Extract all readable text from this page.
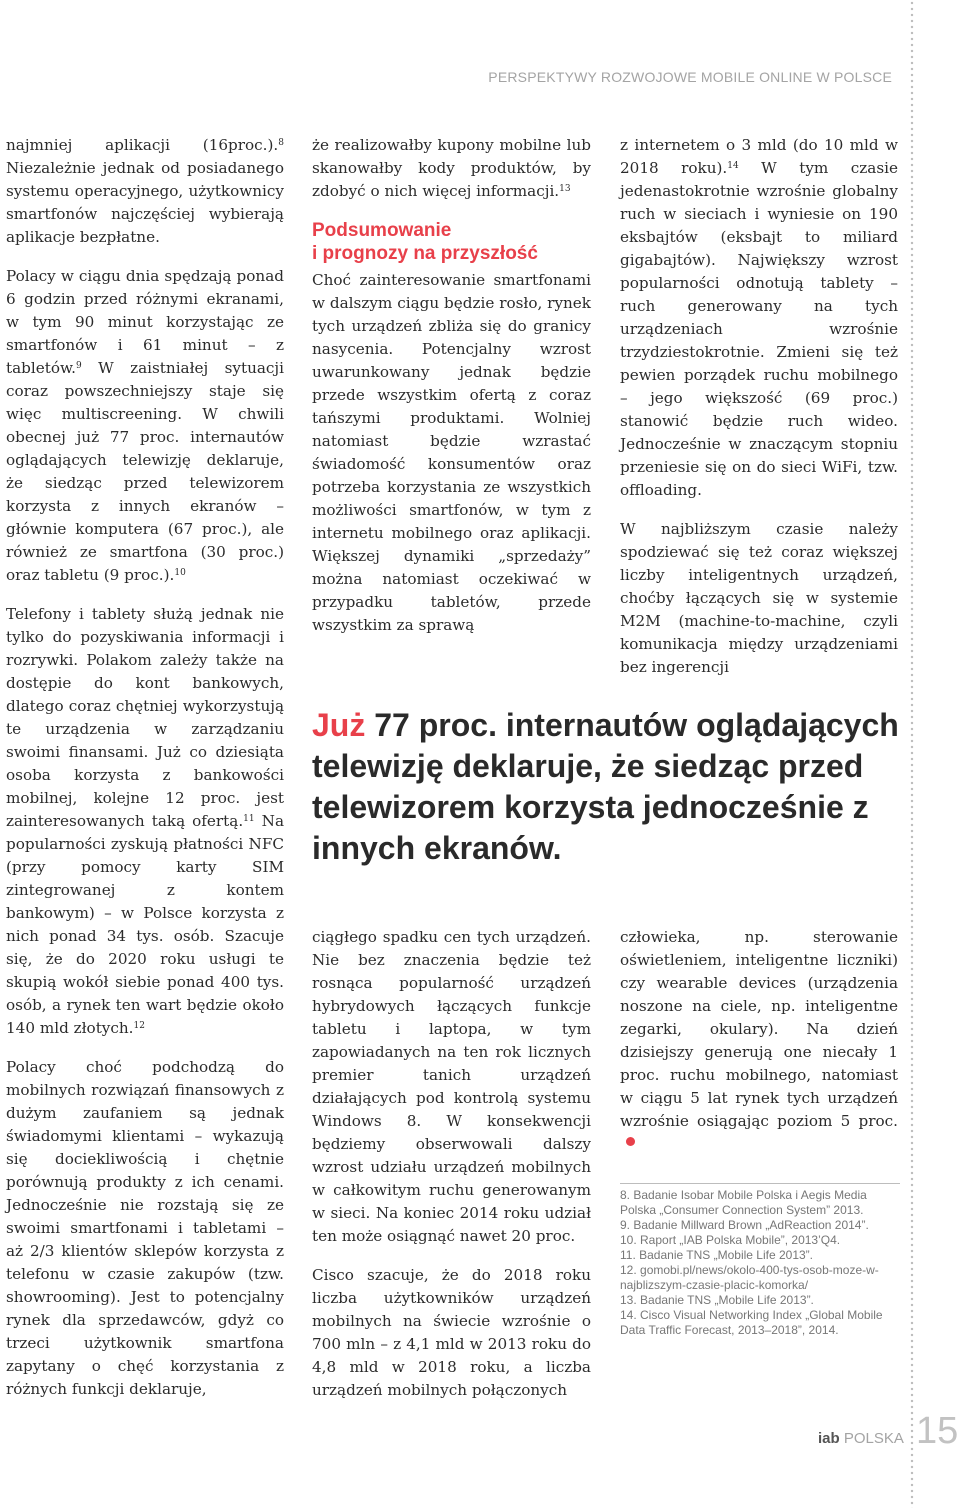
PERSPEKTYWY ROZWOJOWE MOBILE ONLINE W POLSCE

najmniej aplikacji (16proc.).$^8$ Niezależnie jednak od posiadanego systemu operacyjnego, użytkownicy smartfonów najczęściej wybierają aplikacje bezpłatne.

Polacy w ciągu dnia spędzają ponad 6 godzin przed różnymi ekranami, w tym 90 minut korzystając ze smartfonów i 61 minut – z tabletów.$^9$ W zaistniałej sytuacji coraz powszechniejszy staje się więc multiscreening. W chwili obecnej już 77 proc. internautów oglądających telewizję deklaruje, że siedząc przed telewizorem korzysta z innych ekranów – głównie komputera (67 proc.), ale również ze smartfona (30 proc.) oraz tabletu (9 proc.).$^{10}$

Telefony i tablety służą jednak nie tylko do pozyskiwania informacji i rozrywki. Polakom zależy także na dostępie do kont bankowych, dlatego coraz chętniej wykorzystują te urządzenia w zarządzaniu swoimi finansami. Już co dziesiąta osoba korzysta z bankowości mobilnej, kolejne 12 proc. jest zainteresowanych taką ofertą.$^{11}$ Na popularności zyskują płatności NFC (przy pomocy karty SIM zintegrowanej z kontem bankowym) – w Polsce korzysta z nich ponad 34 tys. osób. Szacuje się, że do 2020 roku usługi te skupią wokół siebie ponad 400 tys. osób, a rynek ten wart będzie około 140 mld złotych.$^{12}$

Polacy choć podchodzą do mobilnych rozwiązań finansowych z dużym zaufaniem są jednak świadomymi klientami – wykazują się dociekliwością i chętnie porównują produkty z ich cenami. Jednocześnie nie rozstają się ze swoimi smartfonami i tabletami – aż 2/3 klientów sklepów korzysta z telefonu w czasie zakupów (tzw. showrooming). Jest to potencjalny rynek dla sprzedawców, gdyż co trzeci użytkownik smartfona zapytany o chęć korzystania z różnych funkcji deklaruje,

że realizowałby kupony mobilne lub skanowałby kody produktów, by zdobyć o nich więcej informacji.$^{13}$

Podsumowanie
i prognozy na przyszłość

Choć zainteresowanie smartfonami w dalszym ciągu będzie rosło, rynek tych urządzeń zbliża się do granicy nasycenia. Potencjalny wzrost uwarunkowany jednak będzie przede wszystkim ofertą z coraz tańszymi produktami. Wolniej natomiast będzie wzrastać świadomość konsumentów oraz potrzeba korzystania ze wszystkich możliwości smartfonów, w tym z internetu mobilnego oraz aplikacji. Większej dynamiki „sprzedaży” można natomiast oczekiwać w przypadku tabletów, przede wszystkim za sprawą

z internetem o 3 mld (do 10 mld w 2018 roku).$^{14}$ W tym czasie jedenastokrotnie wzrośnie globalny ruch w sieciach i wyniesie on 190 eksbajtów (eksbajt to miliard gigabajtów). Największy wzrost popularności odnotują tablety – ruch generowany na tych urządzeniach wzrośnie trzydziestokrotnie. Zmieni się też pewien porządek ruchu mobilnego – jego większość (69 proc.) stanowić będzie ruch wideo. Jednocześnie w znaczącym stopniu przeniesie się on do sieci WiFi, tzw. offloading.

W najbliższym czasie należy spodziewać się też coraz większej liczby inteligentnych urządzeń, choćby łączących się w systemie M2M (machine-to-machine, czyli komunikacja między urządzeniami bez ingerencji

Już 77 proc. internautów oglądających telewizję deklaruje, że siedząc przed telewizorem korzysta jednocześnie z innych ekranów.

ciągłego spadku cen tych urządzeń. Nie bez znaczenia będzie też rosnąca popularność urządzeń hybrydowych łączących funkcje tabletu i laptopa, w tym zapowiadanych na ten rok licznych premier tanich urządzeń działających pod kontrolą systemu Windows 8. W konsekwencji będziemy obserwowali dalszy wzrost udziału urządzeń mobilnych w całkowitym ruchu generowanym w sieci. Na koniec 2014 roku udział ten może osiągnąć nawet 20 proc.

Cisco szacuje, że do 2018 roku liczba użytkowników urządzeń mobilnych na świecie wzrośnie o 700 mln – z 4,1 mld w 2013 roku do 4,8 mld w 2018 roku, a liczba urządzeń mobilnych połączonych

człowieka, np. sterowanie oświetleniem, inteligentne liczniki) czy wearable devices (urządzenia noszone na ciele, np. inteligentne zegarki, okulary). Na dzień dzisiejszy generują one niecały 1 proc. ruchu mobilnego, natomiast w ciągu 5 lat rynek tych urządzeń wzrośnie osiągając poziom 5 proc.

8. Badanie Isobar Mobile Polska i Aegis Media Polska „Consumer Connection System” 2013.
9. Badanie Millward Brown „AdReaction 2014”.
10. Raport „IAB Polska Mobile”, 2013’Q4.
11. Badanie TNS „Mobile Life 2013”.
12. gomobi.pl/news/okolo-400-tys-osob-moze-w-najblizszym-czasie-placic-komorka/
13. Badanie TNS „Mobile Life 2013”.
14. Cisco Visual Networking Index „Global Mobile Data Traffic Forecast, 2013–2018”, 2014.
iab POLSKA 15
